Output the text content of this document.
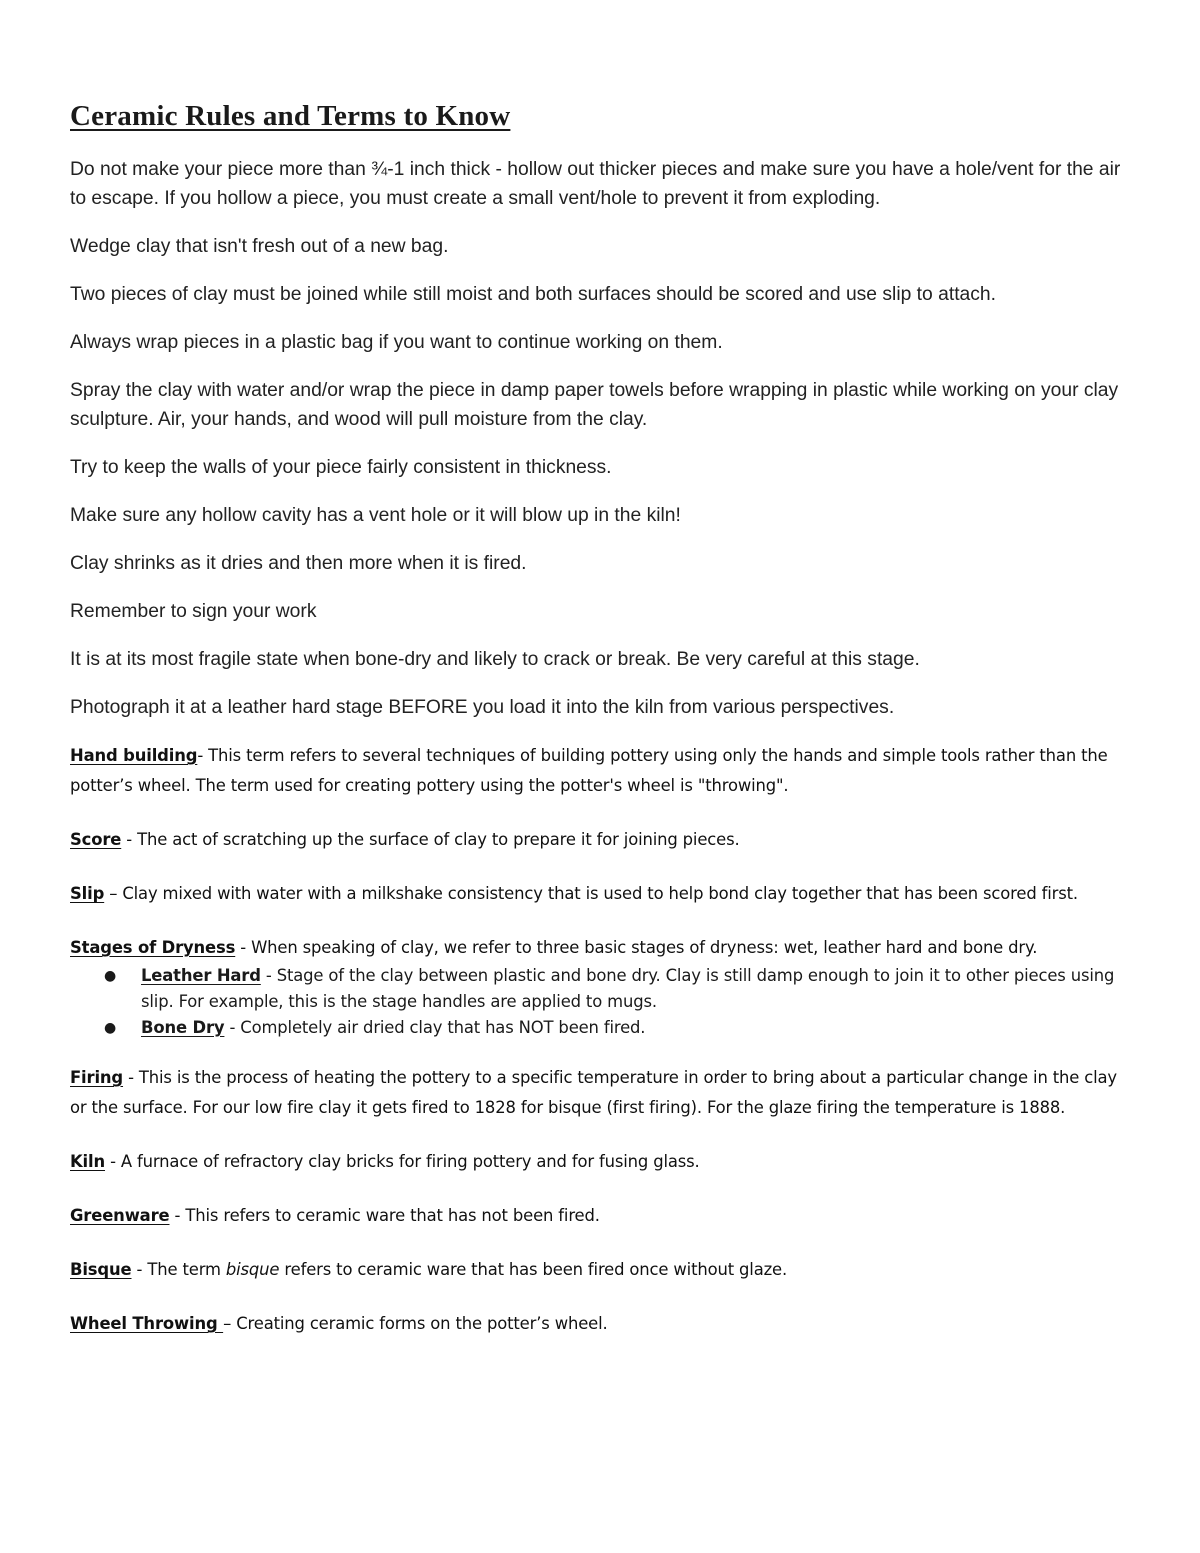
Ceramic Rules and Terms to Know

Do not make your piece more than ¾-1 inch thick - hollow out thicker pieces and make sure you have a hole/vent for the air to escape. If you hollow a piece, you must create a small vent/hole to prevent it from exploding.

Wedge clay that isn't fresh out of a new bag.

Two pieces of clay must be joined while still moist and both surfaces should be scored and use slip to attach.

Always wrap pieces in a plastic bag if you want to continue working on them.

Spray the clay with water and/or wrap the piece in damp paper towels before wrapping in plastic while working on your clay sculpture. Air, your hands, and wood will pull moisture from the clay.

Try to keep the walls of your piece fairly consistent in thickness.

Make sure any hollow cavity has a vent hole or it will blow up in the kiln!

Clay shrinks as it dries and then more when it is fired.

Remember to sign your work

It is at its most fragile state when bone-dry and likely to crack or break. Be very careful at this stage.

Photograph it at a leather hard stage BEFORE you load it into the kiln from various perspectives.

Hand building- This term refers to several techniques of building pottery using only the hands and simple tools rather than the potter’s wheel. The term used for creating pottery using the potter's wheel is "throwing".

Score - The act of scratching up the surface of clay to prepare it for joining pieces.

Slip – Clay mixed with water with a milkshake consistency that is used to help bond clay together that has been scored first.

Stages of Dryness - When speaking of clay, we refer to three basic stages of dryness: wet, leather hard and bone dry.

● Leather Hard - Stage of the clay between plastic and bone dry. Clay is still damp enough to join it to other pieces using slip. For example, this is the stage handles are applied to mugs.
● Bone Dry - Completely air dried clay that has NOT been fired.

Firing - This is the process of heating the pottery to a specific temperature in order to bring about a particular change in the clay or the surface. For our low fire clay it gets fired to 1828 for bisque (first firing). For the glaze firing the temperature is 1888.

Kiln - A furnace of refractory clay bricks for firing pottery and for fusing glass.

Greenware - This refers to ceramic ware that has not been fired.

Bisque - The term bisque refers to ceramic ware that has been fired once without glaze.

Wheel Throwing – Creating ceramic forms on the potter’s wheel.
